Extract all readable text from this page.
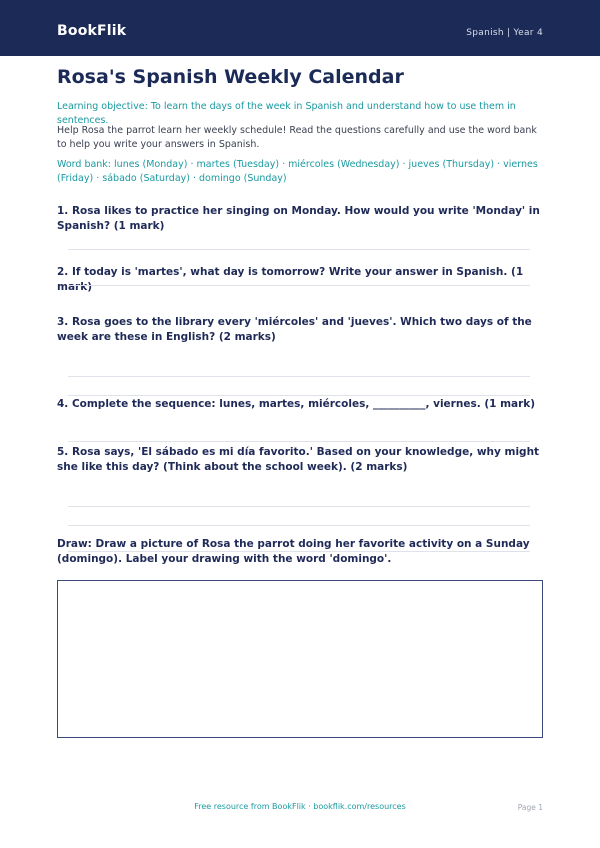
BookFlik	Spanish | Year 4
Rosa's Spanish Weekly Calendar
Learning objective: To learn the days of the week in Spanish and understand how to use them in sentences.
Help Rosa the parrot learn her weekly schedule! Read the questions carefully and use the word bank to help you write your answers in Spanish.
Word bank: lunes (Monday) · martes (Tuesday) · miércoles (Wednesday) · jueves (Thursday) · viernes (Friday) · sábado (Saturday) · domingo (Sunday)
1. Rosa likes to practice her singing on Monday. How would you write 'Monday' in Spanish? (1 mark)
2. If today is 'martes', what day is tomorrow? Write your answer in Spanish. (1 mark)
3. Rosa goes to the library every 'miércoles' and 'jueves'. Which two days of the week are these in English? (2 marks)
4. Complete the sequence: lunes, martes, miércoles, __________, viernes. (1 mark)
5. Rosa says, 'El sábado es mi día favorito.' Based on your knowledge, why might she like this day? (Think about the school week). (2 marks)
Draw: Draw a picture of Rosa the parrot doing her favorite activity on a Sunday (domingo). Label your drawing with the word 'domingo'.
Free resource from BookFlik · bookflik.com/resources	Page 1
